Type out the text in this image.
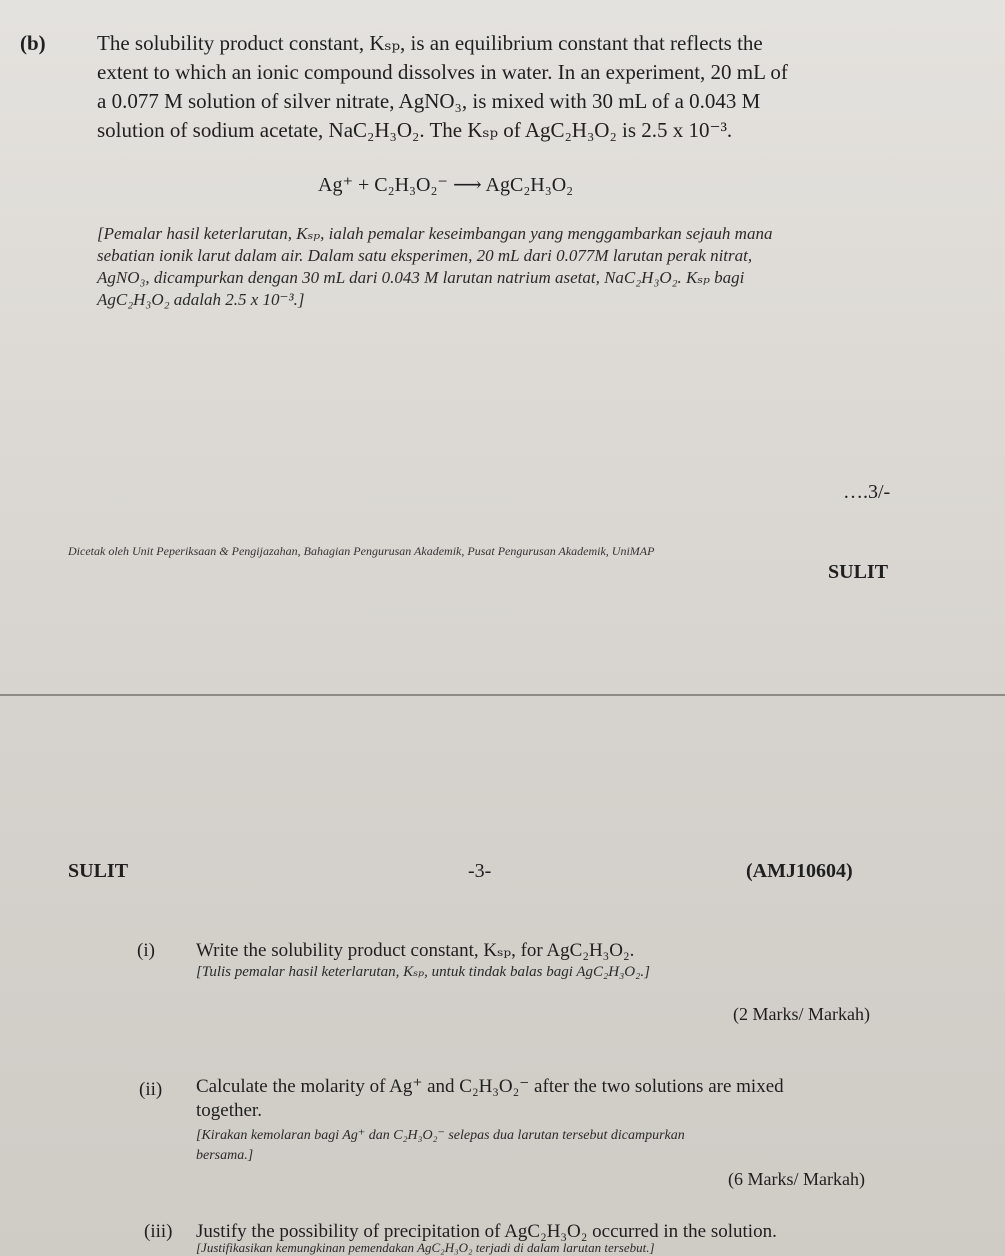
(b) The solubility product constant, Kₛₚ, is an equilibrium constant that reflects the
extent to which an ionic compound dissolves in water. In an experiment, 20 mL of
a 0.077 M solution of silver nitrate, AgNO₃, is mixed with 30 mL of a 0.043 M
solution of sodium acetate, NaC₂H₃O₂. The Kₛₚ of AgC₂H₃O₂ is 2.5 x 10⁻³.
Ag⁺ + C₂H₃O₂⁻ ⟶ AgC₂H₃O₂
[Pemalar hasil keterlarutan, Kₛₚ, ialah pemalar keseimbangan yang menggambarkan sejauh mana
sebatian ionik larut dalam air. Dalam satu eksperimen, 20 mL dari 0.077M larutan perak nitrat,
AgNO₃, dicampurkan dengan 30 mL dari 0.043 M larutan natrium asetat, NaC₂H₃O₂. Kₛₚ bagi
AgC₂H₃O₂ adalah 2.5 x 10⁻³.]
….3/-
Dicetak oleh Unit Peperiksaan & Pengijazahan, Bahagian Pengurusan Akademik, Pusat Pengurusan Akademik, UniMAP
SULIT
SULIT	-3-	(AMJ10604)
(i) Write the solubility product constant, Kₛₚ, for AgC₂H₃O₂.
[Tulis pemalar hasil keterlarutan, Kₛₚ, untuk tindak balas bagi AgC₂H₃O₂.]
(2 Marks/ Markah)
(ii) Calculate the molarity of Ag⁺ and C₂H₃O₂⁻ after the two solutions are mixed
together.
[Kirakan kemolaran bagi Ag⁺ dan C₂H₃O₂⁻ selepas dua larutan tersebut dicampurkan
bersama.]
(6 Marks/ Markah)
(iii) Justify the possibility of precipitation of AgC₂H₃O₂ occurred in the solution.
[Justifikasikan kemungkinan pemendakan AgC₂H₃O₂ terjadi di dalam larutan tersebut.]
